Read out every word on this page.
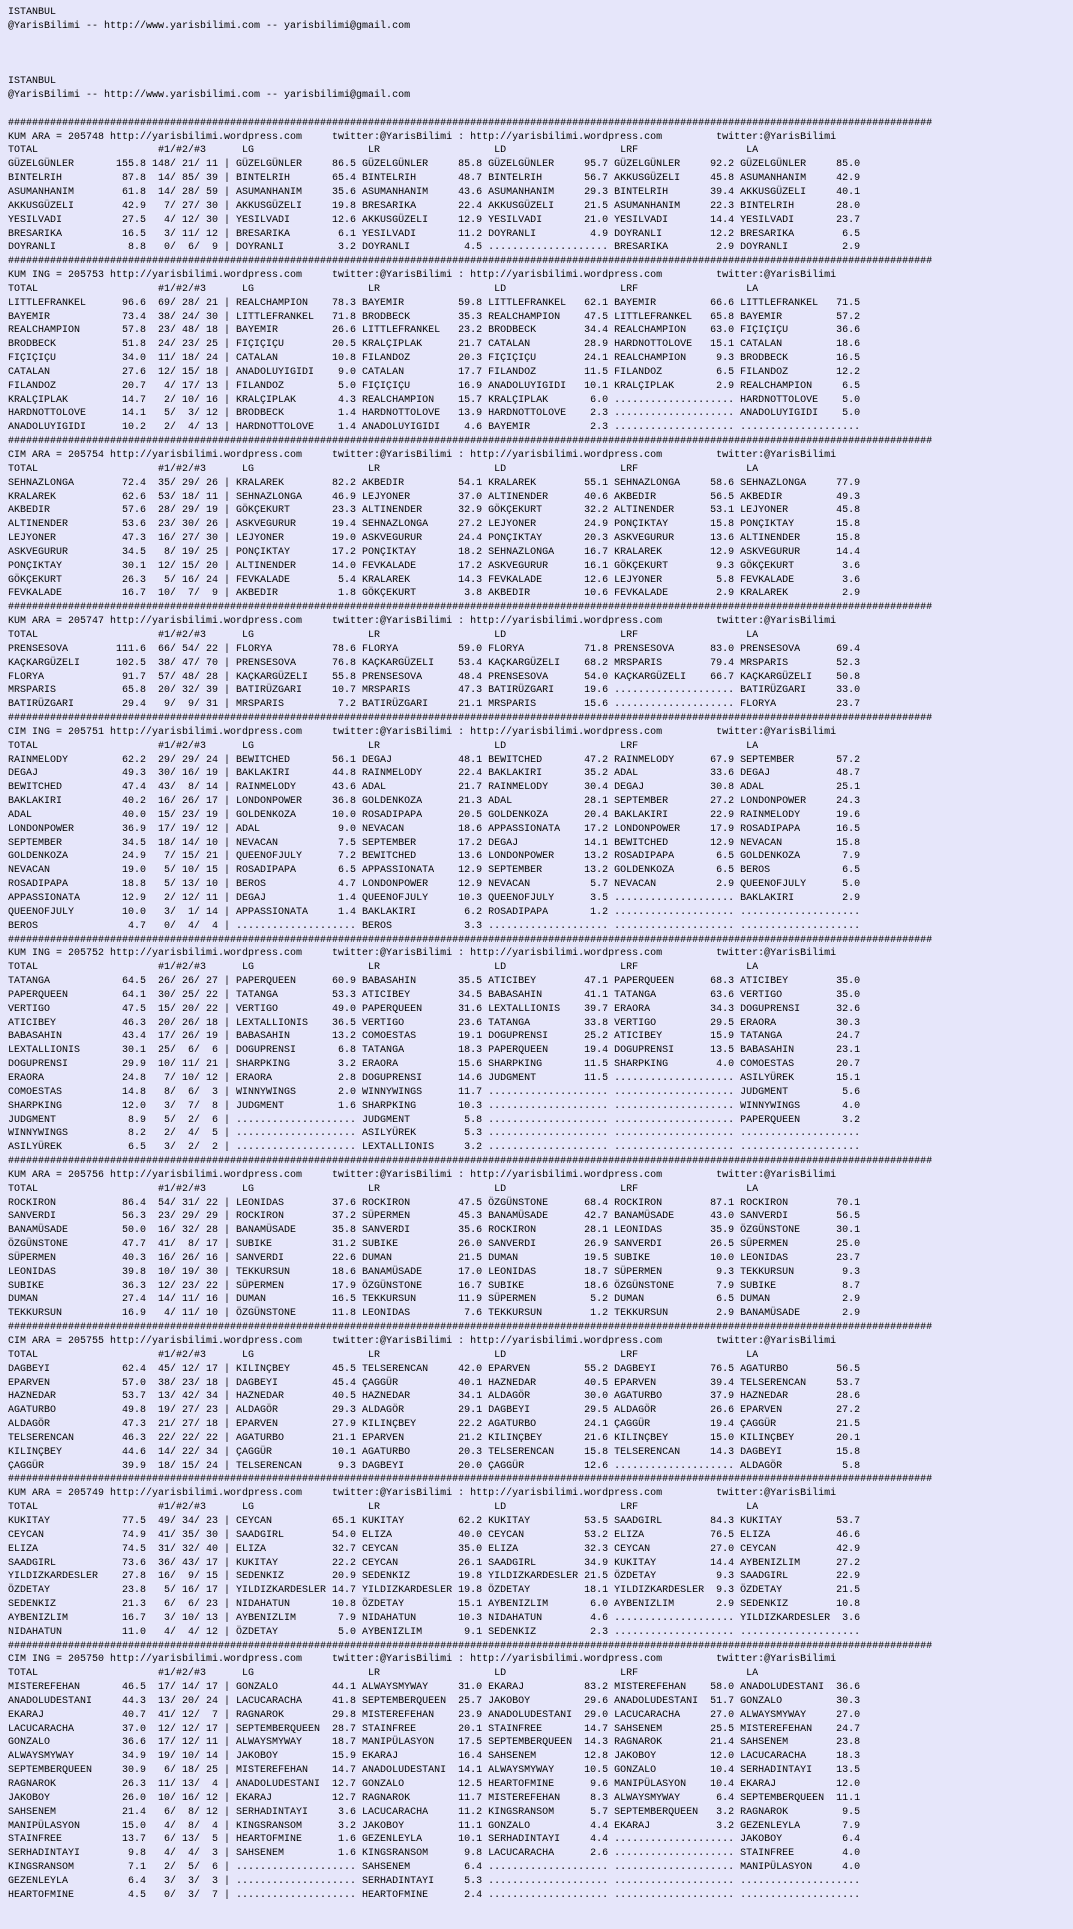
ISTANBUL
@YarisBilimi -- http://www.yarisbilimi.com -- yarisbilimi@gmail.com
ISTANBUL
@YarisBilimi -- http://www.yarisbilimi.com -- yarisbilimi@gmail.com
##########################################################################################################################################################
KUM ARA = 205748 http://yarisbilimi.wordpress.com     twitter:@YarisBilimi : http://yarisbilimi.wordpress.com         twitter:@YarisBilimi
TOTAL                    #1/#2/#3      LG                   LR                   LD                   LRF                  LA
GÜZELGÜNLER       155.8 148/ 21/ 11 | GÜZELGÜNLER     86.5 GÜZELGÜNLER     85.8 GÜZELGÜNLER     95.7 GÜZELGÜNLER     92.2 GÜZELGÜNLER     85.0
BINTELRIH          87.8  14/ 85/ 39 | BINTELRIH       65.4 BINTELRIH       48.7 BINTELRIH       56.7 AKKUSGÜZELI     45.8 ASUMANHANIM     42.9
ASUMANHANIM        61.8  14/ 28/ 59 | ASUMANHANIM     35.6 ASUMANHANIM     43.6 ASUMANHANIM     29.3 BINTELRIH       39.4 AKKUSGÜZELI     40.1
AKKUSGÜZELI        42.9   7/ 27/ 30 | AKKUSGÜZELI     19.8 BRESARIKA       22.4 AKKUSGÜZELI     21.5 ASUMANHANIM     22.3 BINTELRIH       28.0
YESILVADI          27.5   4/ 12/ 30 | YESILVADI       12.6 AKKUSGÜZELI     12.9 YESILVADI       21.0 YESILVADI       14.4 YESILVADI       23.7
BRESARIKA          16.5   3/ 11/ 12 | BRESARIKA        6.1 YESILVADI       11.2 DOYRANLI         4.9 DOYRANLI        12.2 BRESARIKA        6.5
DOYRANLI            8.8   0/  6/  9 | DOYRANLI         3.2 DOYRANLI         4.5 .................... BRESARIKA        2.9 DOYRANLI         2.9
##########################################################################################################################################################
KUM ING = 205753 http://yarisbilimi.wordpress.com     twitter:@YarisBilimi : http://yarisbilimi.wordpress.com         twitter:@YarisBilimi
TOTAL                    #1/#2/#3      LG                   LR                   LD                   LRF                  LA
LITTLEFRANKEL      96.6  69/ 28/ 21 | REALCHAMPION    78.3 BAYEMIR         59.8 LITTLEFRANKEL   62.1 BAYEMIR         66.6 LITTLEFRANKEL   71.5
BAYEMIR            73.4  38/ 24/ 30 | LITTLEFRANKEL   71.8 BRODBECK        35.3 REALCHAMPION    47.5 LITTLEFRANKEL   65.8 BAYEMIR         57.2
REALCHAMPION       57.8  23/ 48/ 18 | BAYEMIR         26.6 LITTLEFRANKEL   23.2 BRODBECK        34.4 REALCHAMPION    63.0 FIÇIÇIÇU        36.6
BRODBECK           51.8  24/ 23/ 25 | FIÇIÇIÇU        20.5 KRALÇIPLAK      21.7 CATALAN         28.9 HARDNOTTOLOVE   15.1 CATALAN         18.6
FIÇIÇIÇU           34.0  11/ 18/ 24 | CATALAN         10.8 FILANDOZ        20.3 FIÇIÇIÇU        24.1 REALCHAMPION     9.3 BRODBECK        16.5
CATALAN            27.6  12/ 15/ 18 | ANADOLUYIGIDI    9.0 CATALAN         17.7 FILANDOZ        11.5 FILANDOZ         6.5 FILANDOZ        12.2
FILANDOZ           20.7   4/ 17/ 13 | FILANDOZ         5.0 FIÇIÇIÇU        16.9 ANADOLUYIGIDI   10.1 KRALÇIPLAK       2.9 REALCHAMPION     6.5
KRALÇIPLAK         14.7   2/ 10/ 16 | KRALÇIPLAK       4.3 REALCHAMPION    15.7 KRALÇIPLAK       6.0 .................... HARDNOTTOLOVE    5.0
HARDNOTTOLOVE      14.1   5/  3/ 12 | BRODBECK         1.4 HARDNOTTOLOVE   13.9 HARDNOTTOLOVE    2.3 .................... ANADOLUYIGIDI    5.0
ANADOLUYIGIDI      10.2   2/  4/ 13 | HARDNOTTOLOVE    1.4 ANADOLUYIGIDI    4.6 BAYEMIR          2.3 .................... ....................
##########################################################################################################################################################
CIM ARA = 205754 http://yarisbilimi.wordpress.com     twitter:@YarisBilimi : http://yarisbilimi.wordpress.com         twitter:@YarisBilimi
TOTAL                    #1/#2/#3      LG                   LR                   LD                   LRF                  LA
SEHNAZLONGA        72.4  35/ 29/ 26 | KRALAREK        82.2 AKBEDIR         54.1 KRALAREK        55.1 SEHNAZLONGA     58.6 SEHNAZLONGA     77.9
KRALAREK           62.6  53/ 18/ 11 | SEHNAZLONGA     46.9 LEJYONER        37.0 ALTINENDER      40.6 AKBEDIR         56.5 AKBEDIR         49.3
AKBEDIR            57.6  28/ 29/ 19 | GÖKÇEKURT       23.3 ALTINENDER      32.9 GÖKÇEKURT       32.2 ALTINENDER      53.1 LEJYONER        45.8
ALTINENDER         53.6  23/ 30/ 26 | ASKVEGURUR      19.4 SEHNAZLONGA     27.2 LEJYONER        24.9 PONÇIKTAY       15.8 PONÇIKTAY       15.8
LEJYONER           47.3  16/ 27/ 30 | LEJYONER        19.0 ASKVEGURUR      24.4 PONÇIKTAY       20.3 ASKVEGURUR      13.6 ALTINENDER      15.8
ASKVEGURUR         34.5   8/ 19/ 25 | PONÇIKTAY       17.2 PONÇIKTAY       18.2 SEHNAZLONGA     16.7 KRALAREK        12.9 ASKVEGURUR      14.4
PONÇIKTAY          30.1  12/ 15/ 20 | ALTINENDER      14.0 FEVKALADE       17.2 ASKVEGURUR      16.1 GÖKÇEKURT        9.3 GÖKÇEKURT        3.6
GÖKÇEKURT          26.3   5/ 16/ 24 | FEVKALADE        5.4 KRALAREK        14.3 FEVKALADE       12.6 LEJYONER         5.8 FEVKALADE        3.6
FEVKALADE          16.7  10/  7/  9 | AKBEDIR          1.8 GÖKÇEKURT        3.8 AKBEDIR         10.6 FEVKALADE        2.9 KRALAREK         2.9
##########################################################################################################################################################
KUM ARA = 205747 http://yarisbilimi.wordpress.com     twitter:@YarisBilimi : http://yarisbilimi.wordpress.com         twitter:@YarisBilimi
TOTAL                    #1/#2/#3      LG                   LR                   LD                   LRF                  LA
PRENSESOVA        111.6  66/ 54/ 22 | FLORYA          78.6 FLORYA          59.0 FLORYA          71.8 PRENSESOVA      83.0 PRENSESOVA      69.4
KAÇKARGÜZELI      102.5  38/ 47/ 70 | PRENSESOVA      76.8 KAÇKARGÜZELI    53.4 KAÇKARGÜZELI    68.2 MRSPARIS        79.4 MRSPARIS        52.3
FLORYA             91.7  57/ 48/ 28 | KAÇKARGÜZELI    55.8 PRENSESOVA      48.4 PRENSESOVA      54.0 KAÇKARGÜZELI    66.7 KAÇKARGÜZELI    50.8
MRSPARIS           65.8  20/ 32/ 39 | BATIRÜZGARI     10.7 MRSPARIS        47.3 BATIRÜZGARI     19.6 .................... BATIRÜZGARI     33.0
BATIRÜZGARI        29.4   9/  9/ 31 | MRSPARIS         7.2 BATIRÜZGARI     21.1 MRSPARIS        15.6 .................... FLORYA          23.7
##########################################################################################################################################################
CIM ING = 205751 http://yarisbilimi.wordpress.com     twitter:@YarisBilimi : http://yarisbilimi.wordpress.com         twitter:@YarisBilimi
TOTAL                    #1/#2/#3      LG                   LR                   LD                   LRF                  LA
RAINMELODY         62.2  29/ 29/ 24 | BEWITCHED       56.1 DEGAJ           48.1 BEWITCHED       47.2 RAINMELODY      67.9 SEPTEMBER       57.2
DEGAJ              49.3  30/ 16/ 19 | BAKLAKIRI       44.8 RAINMELODY      22.4 BAKLAKIRI       35.2 ADAL            33.6 DEGAJ           48.7
BEWITCHED          47.4  43/  8/ 14 | RAINMELODY      43.6 ADAL            21.7 RAINMELODY      30.4 DEGAJ           30.8 ADAL            25.1
BAKLAKIRI          40.2  16/ 26/ 17 | LONDONPOWER     36.8 GOLDENKOZA      21.3 ADAL            28.1 SEPTEMBER       27.2 LONDONPOWER     24.3
ADAL               40.0  15/ 23/ 19 | GOLDENKOZA      10.0 ROSADIPAPA      20.5 GOLDENKOZA      20.4 BAKLAKIRI       22.9 RAINMELODY      19.6
LONDONPOWER        36.9  17/ 19/ 12 | ADAL             9.0 NEVACAN         18.6 APPASSIONATA    17.2 LONDONPOWER     17.9 ROSADIPAPA      16.5
SEPTEMBER          34.5  18/ 14/ 10 | NEVACAN          7.5 SEPTEMBER       17.2 DEGAJ           14.1 BEWITCHED       12.9 NEVACAN         15.8
GOLDENKOZA         24.9   7/ 15/ 21 | QUEENOFJULY      7.2 BEWITCHED       13.6 LONDONPOWER     13.2 ROSADIPAPA       6.5 GOLDENKOZA       7.9
NEVACAN            19.0   5/ 10/ 15 | ROSADIPAPA       6.5 APPASSIONATA    12.9 SEPTEMBER       13.2 GOLDENKOZA       6.5 BEROS            6.5
ROSADIPAPA         18.8   5/ 13/ 10 | BEROS            4.7 LONDONPOWER     12.9 NEVACAN          5.7 NEVACAN          2.9 QUEENOFJULY      5.0
APPASSIONATA       12.9   2/ 12/ 11 | DEGAJ            1.4 QUEENOFJULY     10.3 QUEENOFJULY      3.5 .................... BAKLAKIRI        2.9
QUEENOFJULY        10.0   3/  1/ 14 | APPASSIONATA     1.4 BAKLAKIRI        6.2 ROSADIPAPA       1.2 .................... ....................
BEROS               4.7   0/  4/  4 | .................... BEROS            3.3 .................... .................... ....................
##########################################################################################################################################################
KUM ING = 205752 http://yarisbilimi.wordpress.com     twitter:@YarisBilimi : http://yarisbilimi.wordpress.com         twitter:@YarisBilimi
TOTAL                    #1/#2/#3      LG                   LR                   LD                   LRF                  LA
TATANGA            64.5  26/ 26/ 27 | PAPERQUEEN      60.9 BABASAHIN       35.5 ATICIBEY        47.1 PAPERQUEEN      68.3 ATICIBEY        35.0
PAPERQUEEN         64.1  30/ 25/ 22 | TATANGA         53.3 ATICIBEY        34.5 BABASAHIN       41.1 TATANGA         63.6 VERTIGO         35.0
VERTIGO            47.5  15/ 20/ 22 | VERTIGO         49.0 PAPERQUEEN      31.6 LEXTALLIONIS    39.7 ERAORA          34.3 DOGUPRENSI      32.6
ATICIBEY           46.3  20/ 26/ 18 | LEXTALLIONIS    36.5 VERTIGO         23.6 TATANGA         33.8 VERTIGO         29.5 ERAORA          30.3
BABASAHIN          43.4  17/ 26/ 19 | BABASAHIN       13.2 COMOESTAS       19.1 DOGUPRENSI      25.2 ATICIBEY        15.9 TATANGA         24.7
LEXTALLIONIS       30.1  25/  6/  6 | DOGUPRENSI       6.8 TATANGA         18.3 PAPERQUEEN      19.4 DOGUPRENSI      13.5 BABASAHIN       23.1
DOGUPRENSI         29.9  10/ 11/ 21 | SHARPKING        3.2 ERAORA          15.6 SHARPKING       11.5 SHARPKING        4.0 COMOESTAS       20.7
ERAORA             24.8   7/ 10/ 12 | ERAORA           2.8 DOGUPRENSI      14.6 JUDGMENT        11.5 .................... ASILYÜREK       15.1
COMOESTAS          14.8   8/  6/  3 | WINNYWINGS       2.0 WINNYWINGS      11.7 .................... .................... JUDGMENT         5.6
SHARPKING          12.0   3/  7/  8 | JUDGMENT         1.6 SHARPKING       10.3 .................... .................... WINNYWINGS       4.0
JUDGMENT            8.9   5/  2/  6 | .................... JUDGMENT         5.8 .................... .................... PAPERQUEEN       3.2
WINNYWINGS          8.2   2/  4/  5 | .................... ASILYÜREK        5.3 .................... .................... ....................
ASILYÜREK           6.5   3/  2/  2 | .................... LEXTALLIONIS     3.2 .................... .................... ....................
##########################################################################################################################################################
KUM ARA = 205756 http://yarisbilimi.wordpress.com     twitter:@YarisBilimi : http://yarisbilimi.wordpress.com         twitter:@YarisBilimi
TOTAL                    #1/#2/#3      LG                   LR                   LD                   LRF                  LA
ROCKIRON           86.4  54/ 31/ 22 | LEONIDAS        37.6 ROCKIRON        47.5 ÖZGÜNSTONE      68.4 ROCKIRON        87.1 ROCKIRON        70.1
SANVERDI           56.3  23/ 29/ 29 | ROCKIRON        37.2 SÜPERMEN        45.3 BANAMÜSADE      42.7 BANAMÜSADE      43.0 SANVERDI        56.5
BANAMÜSADE         50.0  16/ 32/ 28 | BANAMÜSADE      35.8 SANVERDI        35.6 ROCKIRON        28.1 LEONIDAS        35.9 ÖZGÜNSTONE      30.1
ÖZGÜNSTONE         47.7  41/  8/ 17 | SUBIKE          31.2 SUBIKE          26.0 SANVERDI        26.9 SANVERDI        26.5 SÜPERMEN        25.0
SÜPERMEN           40.3  16/ 26/ 16 | SANVERDI        22.6 DUMAN           21.5 DUMAN           19.5 SUBIKE          10.0 LEONIDAS        23.7
LEONIDAS           39.8  10/ 19/ 30 | TEKKURSUN       18.6 BANAMÜSADE      17.0 LEONIDAS        18.7 SÜPERMEN         9.3 TEKKURSUN        9.3
SUBIKE             36.3  12/ 23/ 22 | SÜPERMEN        17.9 ÖZGÜNSTONE      16.7 SUBIKE          18.6 ÖZGÜNSTONE       7.9 SUBIKE           8.7
DUMAN              27.4  14/ 11/ 16 | DUMAN           16.5 TEKKURSUN       11.9 SÜPERMEN         5.2 DUMAN            6.5 DUMAN            2.9
TEKKURSUN          16.9   4/ 11/ 10 | ÖZGÜNSTONE      11.8 LEONIDAS         7.6 TEKKURSUN        1.2 TEKKURSUN        2.9 BANAMÜSADE       2.9
##########################################################################################################################################################
CIM ARA = 205755 http://yarisbilimi.wordpress.com     twitter:@YarisBilimi : http://yarisbilimi.wordpress.com         twitter:@YarisBilimi
TOTAL                    #1/#2/#3      LG                   LR                   LD                   LRF                  LA
DAGBEYI            62.4  45/ 12/ 17 | KILINÇBEY       45.5 TELSERENCAN     42.0 EPARVEN         55.2 DAGBEYI         76.5 AGATURBO        56.5
EPARVEN            57.0  38/ 23/ 18 | DAGBEYI         45.4 ÇAGGÜR          40.1 HAZNEDAR        40.5 EPARVEN         39.4 TELSERENCAN     53.7
HAZNEDAR           53.7  13/ 42/ 34 | HAZNEDAR        40.5 HAZNEDAR        34.1 ALDAGÖR         30.0 AGATURBO        37.9 HAZNEDAR        28.6
AGATURBO           49.8  19/ 27/ 23 | ALDAGÖR         29.3 ALDAGÖR         29.1 DAGBEYI         29.5 ALDAGÖR         26.6 EPARVEN         27.2
ALDAGÖR            47.3  21/ 27/ 18 | EPARVEN         27.9 KILINÇBEY       22.2 AGATURBO        24.1 ÇAGGÜR          19.4 ÇAGGÜR          21.5
TELSERENCAN        46.3  22/ 22/ 22 | AGATURBO        21.1 EPARVEN         21.2 KILINÇBEY       21.6 KILINÇBEY       15.0 KILINÇBEY       20.1
KILINÇBEY          44.6  14/ 22/ 34 | ÇAGGÜR          10.1 AGATURBO        20.3 TELSERENCAN     15.8 TELSERENCAN     14.3 DAGBEYI         15.8
ÇAGGÜR             39.9  18/ 15/ 24 | TELSERENCAN      9.3 DAGBEYI         20.0 ÇAGGÜR          12.6 .................... ALDAGÖR          5.8
##########################################################################################################################################################
KUM ARA = 205749 http://yarisbilimi.wordpress.com     twitter:@YarisBilimi : http://yarisbilimi.wordpress.com         twitter:@YarisBilimi
TOTAL                    #1/#2/#3      LG                   LR                   LD                   LRF                  LA
KUKITAY            77.5  49/ 34/ 23 | CEYCAN          65.1 KUKITAY         62.2 KUKITAY         53.5 SAADGIRL        84.3 KUKITAY         53.7
CEYCAN             74.9  41/ 35/ 30 | SAADGIRL        54.0 ELIZA           40.0 CEYCAN          53.2 ELIZA           76.5 ELIZA           46.6
ELIZA              74.5  31/ 32/ 40 | ELIZA           32.7 CEYCAN          35.0 ELIZA           32.3 CEYCAN          27.0 CEYCAN          42.9
SAADGIRL           73.6  36/ 43/ 17 | KUKITAY         22.2 CEYCAN          26.1 SAADGIRL        34.9 KUKITAY         14.4 AYBENIZLIM      27.2
YILDIZKARDESLER    27.8  16/  9/ 15 | SEDENKIZ        20.9 SEDENKIZ        19.8 YILDIZKARDESLER 21.5 ÖZDETAY          9.3 SAADGIRL        22.9
ÖZDETAY            23.8   5/ 16/ 17 | YILDIZKARDESLER 14.7 YILDIZKARDESLER 19.8 ÖZDETAY         18.1 YILDIZKARDESLER  9.3 ÖZDETAY         21.5
SEDENKIZ           21.3   6/  6/ 23 | NIDAHATUN       10.8 ÖZDETAY         15.1 AYBENIZLIM       6.0 AYBENIZLIM       2.9 SEDENKIZ        10.8
AYBENIZLIM         16.7   3/ 10/ 13 | AYBENIZLIM       7.9 NIDAHATUN       10.3 NIDAHATUN        4.6 .................... YILDIZKARDESLER  3.6
NIDAHATUN          11.0   4/  4/ 12 | ÖZDETAY          5.0 AYBENIZLIM       9.1 SEDENKIZ         2.3 .................... ....................
##########################################################################################################################################################
CIM ING = 205750 http://yarisbilimi.wordpress.com     twitter:@YarisBilimi : http://yarisbilimi.wordpress.com         twitter:@YarisBilimi
TOTAL                    #1/#2/#3      LG                   LR                   LD                   LRF                  LA
MISTEREFEHAN       46.5  17/ 14/ 17 | GONZALO         44.1 ALWAYSMYWAY     31.0 EKARAJ          83.2 MISTEREFEHAN    58.0 ANADOLUDESTANI  36.6
ANADOLUDESTANI     44.3  13/ 20/ 24 | LACUCARACHA     41.8 SEPTEMBERQUEEN  25.7 JAKOBOY         29.6 ANADOLUDESTANI  51.7 GONZALO         30.3
EKARAJ             40.7  41/ 12/  7 | RAGNAROK        29.8 MISTEREFEHAN    23.9 ANADOLUDESTANI  29.0 LACUCARACHA     27.0 ALWAYSMYWAY     27.0
LACUCARACHA        37.0  12/ 12/ 17 | SEPTEMBERQUEEN  28.7 STAINFREE       20.1 STAINFREE       14.7 SAHSENEM        25.5 MISTEREFEHAN    24.7
GONZALO            36.6  17/ 12/ 11 | ALWAYSMYWAY     18.7 MANIPÜLASYON    17.5 SEPTEMBERQUEEN  14.3 RAGNAROK        21.4 SAHSENEM        23.8
ALWAYSMYWAY        34.9  19/ 10/ 14 | JAKOBOY         15.9 EKARAJ          16.4 SAHSENEM        12.8 JAKOBOY         12.0 LACUCARACHA     18.3
SEPTEMBERQUEEN     30.9   6/ 18/ 25 | MISTEREFEHAN    14.7 ANADOLUDESTANI  14.1 ALWAYSMYWAY     10.5 GONZALO         10.4 SERHADINTAYI    13.5
RAGNAROK           26.3  11/ 13/  4 | ANADOLUDESTANI  12.7 GONZALO         12.5 HEARTOFMINE      9.6 MANIPÜLASYON    10.4 EKARAJ          12.0
JAKOBOY            26.0  10/ 16/ 12 | EKARAJ          12.7 RAGNAROK        11.7 MISTEREFEHAN     8.3 ALWAYSMYWAY      6.4 SEPTEMBERQUEEN  11.1
SAHSENEM           21.4   6/  8/ 12 | SERHADINTAYI     3.6 LACUCARACHA     11.2 KINGSRANSOM      5.7 SEPTEMBERQUEEN   3.2 RAGNAROK         9.5
MANIPÜLASYON       15.0   4/  8/  4 | KINGSRANSOM      3.2 JAKOBOY         11.1 GONZALO          4.4 EKARAJ           3.2 GEZENLEYLA       7.9
STAINFREE          13.7   6/ 13/  5 | HEARTOFMINE      1.6 GEZENLEYLA      10.1 SERHADINTAYI     4.4 .................... JAKOBOY          6.4
SERHADINTAYI        9.8   4/  4/  3 | SAHSENEM         1.6 KINGSRANSOM      9.8 LACUCARACHA      2.6 .................... STAINFREE        4.0
KINGSRANSOM         7.1   2/  5/  6 | .................... SAHSENEM         6.4 .................... .................... MANIPÜLASYON     4.0
GEZENLEYLA          6.4   3/  3/  3 | .................... SERHADINTAYI     5.3 .................... .................... ....................
HEARTOFMINE         4.5   0/  3/  7 | .................... HEARTOFMINE      2.4 .................... .................... ....................
